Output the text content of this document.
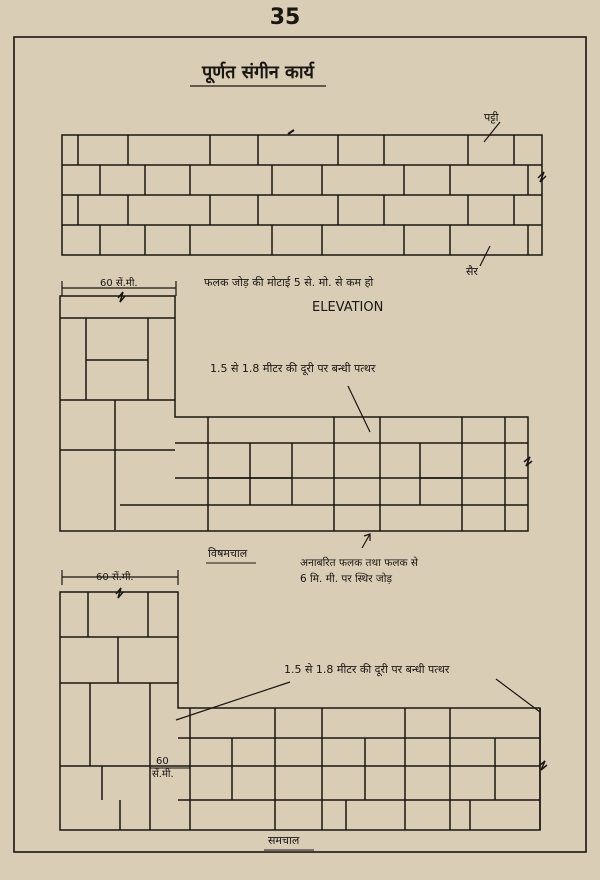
35
पूर्णत संगीन कार्य
पट्टी
सैर
फलक जोड़ की मोटाई 5 से. मो. से कम हो
ELEVATION
60 सें.मी.
1.5 से 1.8 मीटर की दूरी पर बन्धी पत्थर
विषमचाल
अनाबरित फलक तथा फलक से
6 मि. मी. पर स्थिर जोड़
60 सें.मी.
1.5 से 1.8 मीटर की दूरी पर बन्धी पत्थर
60
सें.मी.
समचाल
